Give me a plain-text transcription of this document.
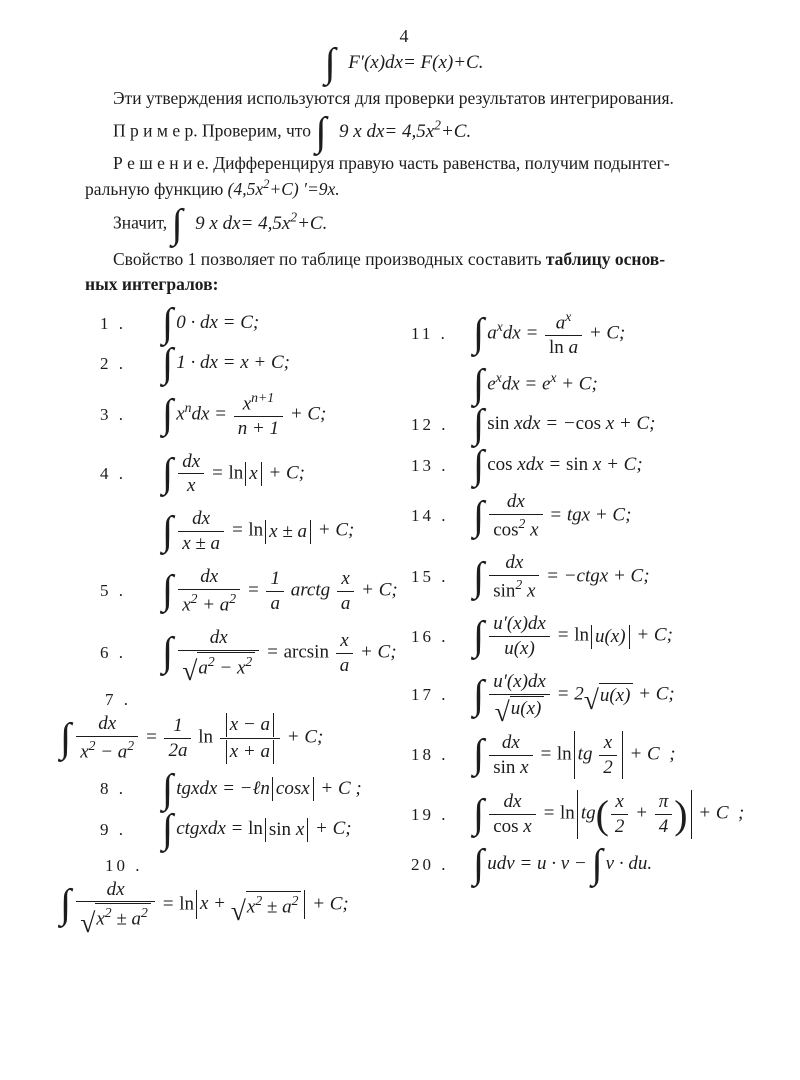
4
∫  F′(x)dx= F(x)+C.

Эти утверждения используются для проверки результатов интегрирования.

П р и м е р. Проверим, что ∫  9 x $dx= 4,5x^2+C$.

Р е ш е н и е. Дифференцируя правую часть равенства, получим подынтег-

ральную функцию $(4,5x^2+C)$ ′=9x.

Значит, ∫  9 x $dx= 4,5x^2+C$.

Свойство 1 позволяет по таблице производных составить таблицу основ-

ных интегралов:

1 . ∫ 0 · dx = C;
2 . ∫ 1 · dx = x + C;
3 . ∫ $x^ndx = \frac{x^{n+1}}{n + 1} + C$;
4 . ∫ $\frac{dx}{x} = \ln x + C$;
∫ $\frac{dx}{x \pm a} = \ln x \pm a + C$;
5 . ∫ $\frac{dx}{x^2 + a^2} = \frac{1}{a}$ arctg $\frac{x}{a} + C$;
6 . ∫ $\frac{dx}{√ a^2 - x^2} = \arcsin \frac{x}{a} + C$;
7 .
∫ $\frac{dx}{x^2 - a^2} = \frac{1}{2a}$ $\ln \frac{x - a}{x + a} + C$;
8 . ∫ tgxdx = −ℓn cosx + C ;
9 . ∫ ctgxdx = ln sin x + C;
10 .
∫ $\frac{dx}{√ x^2 \pm a^2} = \ln x$ + √ $x^2 \pm a^2 + C$;
11 . ∫ $a^xdx = \frac{a^x}{\text{ln a}} + C$;
∫ $e^xdx = e^x + C$;
12 . ∫ sin xdx = −cos x + C;
13 . ∫ cos xdx = sin x + C;
14 . ∫ $\frac{dx}{\cos^2 x}$ = tgx + C;
15 . ∫ $\frac{dx}{\sin^2 x}$ = −ctgx + C;
16 . ∫ $\frac{u'(x)dx}{u(x)} = \ln u(x) + C$;
17 . ∫ $\frac{u'(x)dx}{√ u(x)} = 2$ √ u(x) + C;
18 . ∫ $\frac{dx}{\text{sin x}} = \ln$ tg $\frac{x}{2} + C$  ;
19 . ∫ $\frac{dx}{\text{cos x}} = \ln$ tg ( $\frac{x}{2} + \frac{\pi}{4}$ ) + C  ;
20 . ∫ udv = u · v − ∫ v · du.
